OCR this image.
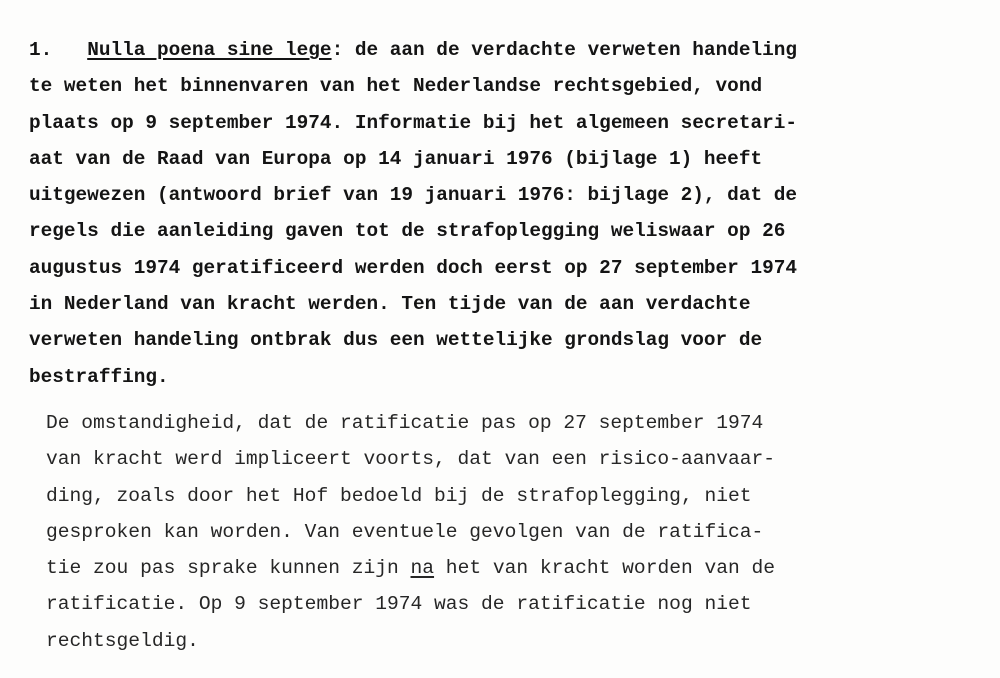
1. Nulla poena sine lege: de aan de verdachte verweten handeling
te weten het binnenvaren van het Nederlandse rechtsgebied, vond
plaats op 9 september 1974. Informatie bij het algemeen secretari-
aat van de Raad van Europa op 14 januari 1976 (bijlage 1) heeft
uitgewezen (antwoord brief van 19 januari 1976: bijlage 2), dat de
regels die aanleiding gaven tot de strafoplegging weliswaar op 26
augustus 1974 geratificeerd werden doch eerst op 27 september 1974
in Nederland van kracht werden. Ten tijde van de aan verdachte
verweten handeling ontbrak dus een wettelijke grondslag voor de
bestraffing.
De omstandigheid, dat de ratificatie pas op 27 september 1974
van kracht werd impliceert voorts, dat van een risico-aanvaar-
ding, zoals door het Hof bedoeld bij de strafoplegging, niet
gesproken kan worden. Van eventuele gevolgen van de ratifica-
tie zou pas sprake kunnen zijn na het van kracht worden van de
ratificatie. Op 9 september 1974 was de ratificatie nog niet
rechtsgeldig.
